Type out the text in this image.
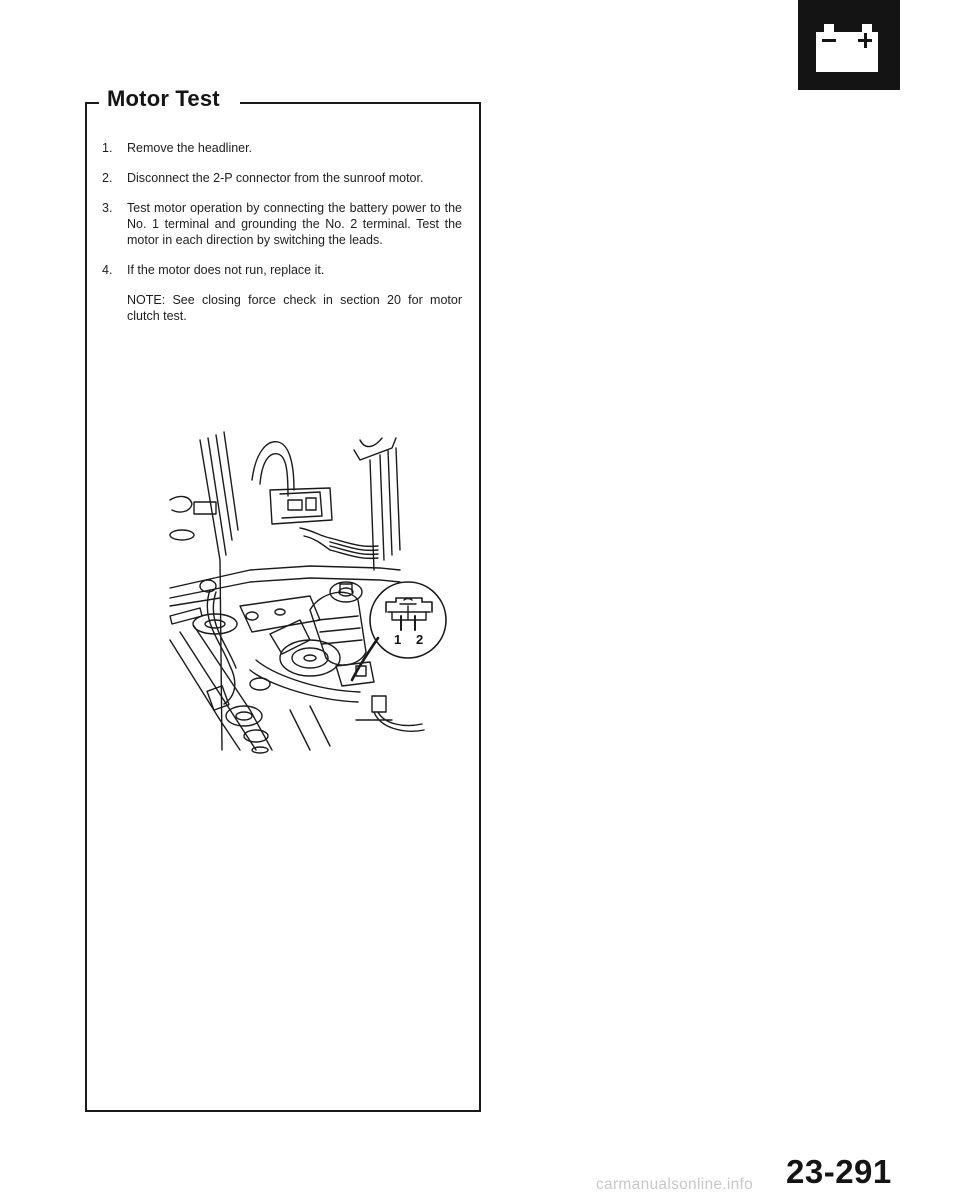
Motor Test
1. Remove the headliner.
2. Disconnect the 2-P connector from the sunroof motor.
3. Test motor operation by connecting the battery power to the No. 1 terminal and grounding the No. 2 terminal. Test the motor in each direction by switching the leads.
4. If the motor does not run, replace it.
NOTE: See closing force check in section 20 for motor clutch test.
1 2
23-291
carmanualsonline.info
